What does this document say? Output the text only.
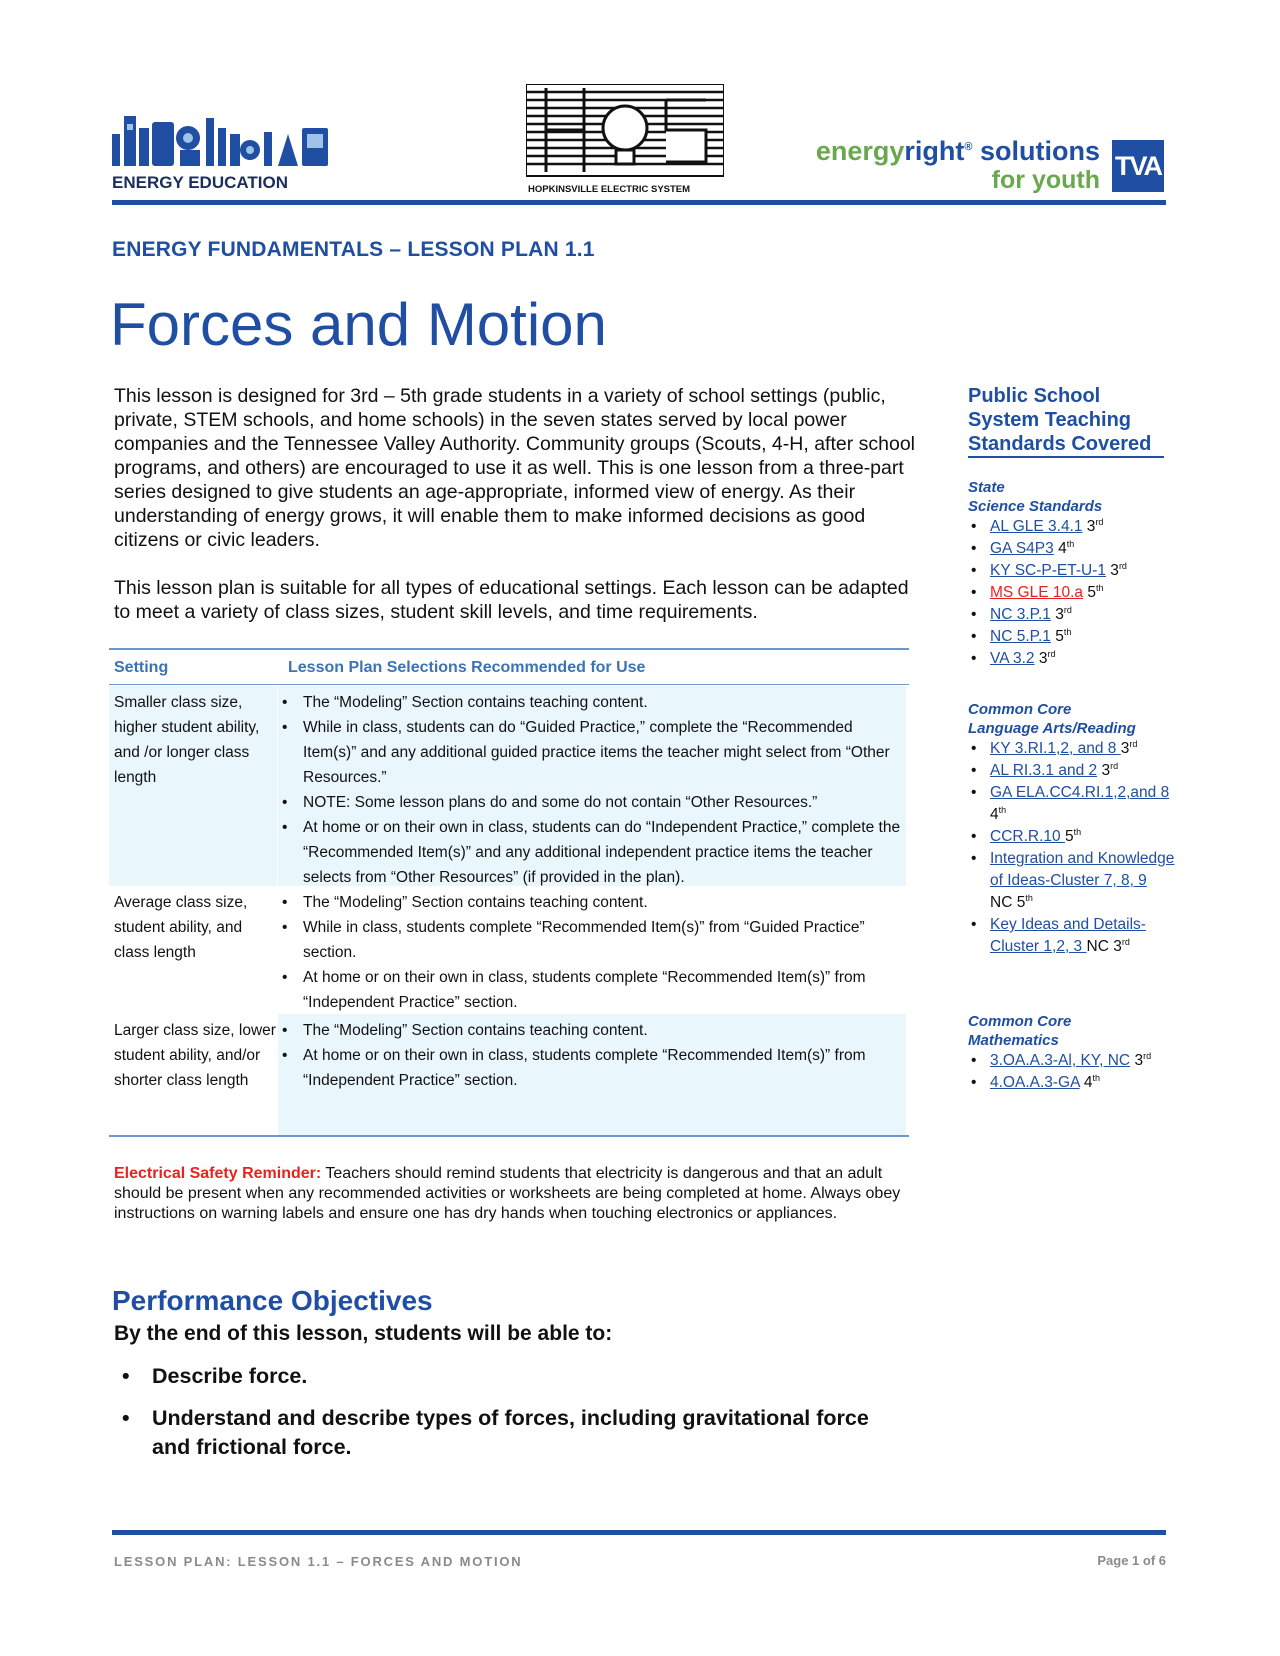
ENERGY EDUCATION	HOPKINSVILLE ELECTRIC SYSTEM
energyright® solutions
for youth TVA
ENERGY FUNDAMENTALS – LESSON PLAN 1.1
Forces and Motion
This lesson is designed for 3rd – 5th grade students in a variety of school settings (public, private, STEM schools, and home schools) in the seven states served by local power companies and the Tennessee Valley Authority. Community groups (Scouts, 4-H, after school programs, and others) are encouraged to use it as well. This is one lesson from a three-part series designed to give students an age-appropriate, informed view of energy. As their understanding of energy grows, it will enable them to make informed decisions as good citizens or civic leaders.
This lesson plan is suitable for all types of educational settings. Each lesson can be adapted to meet a variety of class sizes, student skill levels, and time requirements.
Setting	Lesson Plan Selections Recommended for Use
Smaller class size, higher student ability, and /or longer class length
• The “Modeling” Section contains teaching content.
• While in class, students can do “Guided Practice,” complete the “Recommended Item(s)” and any additional guided practice items the teacher might select from “Other Resources.”
• NOTE: Some lesson plans do and some do not contain “Other Resources.”
• At home or on their own in class, students can do “Independent Practice,” complete the “Recommended Item(s)” and any additional independent practice items the teacher selects from “Other Resources” (if provided in the plan).
Average class size, student ability, and class length
• The “Modeling” Section contains teaching content.
• While in class, students complete “Recommended Item(s)” from “Guided Practice” section.
• At home or on their own in class, students complete “Recommended Item(s)” from “Independent Practice” section.
Larger class size, lower student ability, and/or shorter class length
• The “Modeling” Section contains teaching content.
• At home or on their own in class, students complete “Recommended Item(s)” from “Independent Practice” section.
Electrical Safety Reminder: Teachers should remind students that electricity is dangerous and that an adult should be present when any recommended activities or worksheets are being completed at home. Always obey instructions on warning labels and ensure one has dry hands when touching electronics or appliances.
Performance Objectives
By the end of this lesson, students will be able to:
•	Describe force.
•	Understand and describe types of forces, including gravitational force and frictional force.
Public School
System Teaching
Standards Covered
State
Science Standards
• AL GLE 3.4.1 3rd
• GA S4P3 4th
• KY SC-P-ET-U-1 3rd
• MS GLE 10.a 5th
• NC 3.P.1 3rd
• NC 5.P.1 5th
• VA 3.2 3rd
Common Core
Language Arts/Reading
• KY 3.RI.1,2, and 8 3rd
• AL RI.3.1 and 2 3rd
• GA ELA.CC4.RI.1,2,and 8 4th
• CCR.R.10 5th
• Integration and Knowledge of Ideas-Cluster 7, 8, 9
NC 5th
• Key Ideas and Details-Cluster 1,2, 3 NC 3rd
Common Core
Mathematics
• 3.OA.A.3-Al, KY, NC 3rd
• 4.OA.A.3-GA 4th
LESSON PLAN: LESSON 1.1 – FORCES AND MOTION	Page 1 of 6
